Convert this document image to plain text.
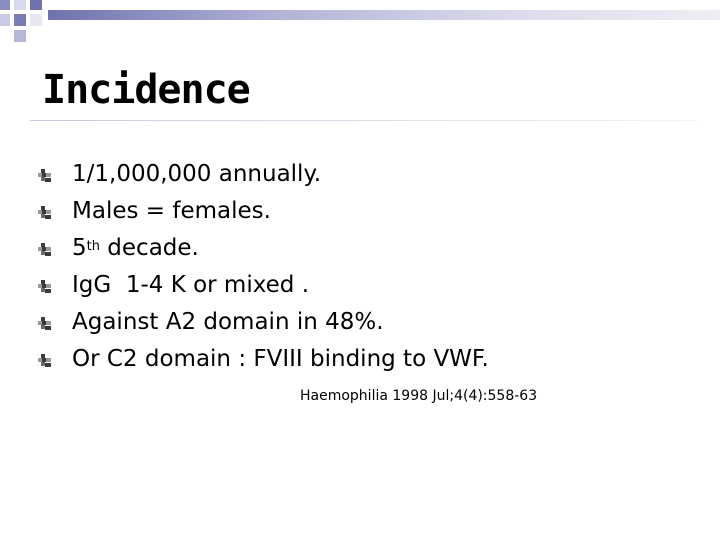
Incidence
1/1,000,000 annually.
Males = females.
5th decade.
IgG  1-4 K or mixed .
Against A2 domain in 48%.
Or C2 domain : FVIII binding to VWF.
Haemophilia 1998 Jul;4(4):558-63
